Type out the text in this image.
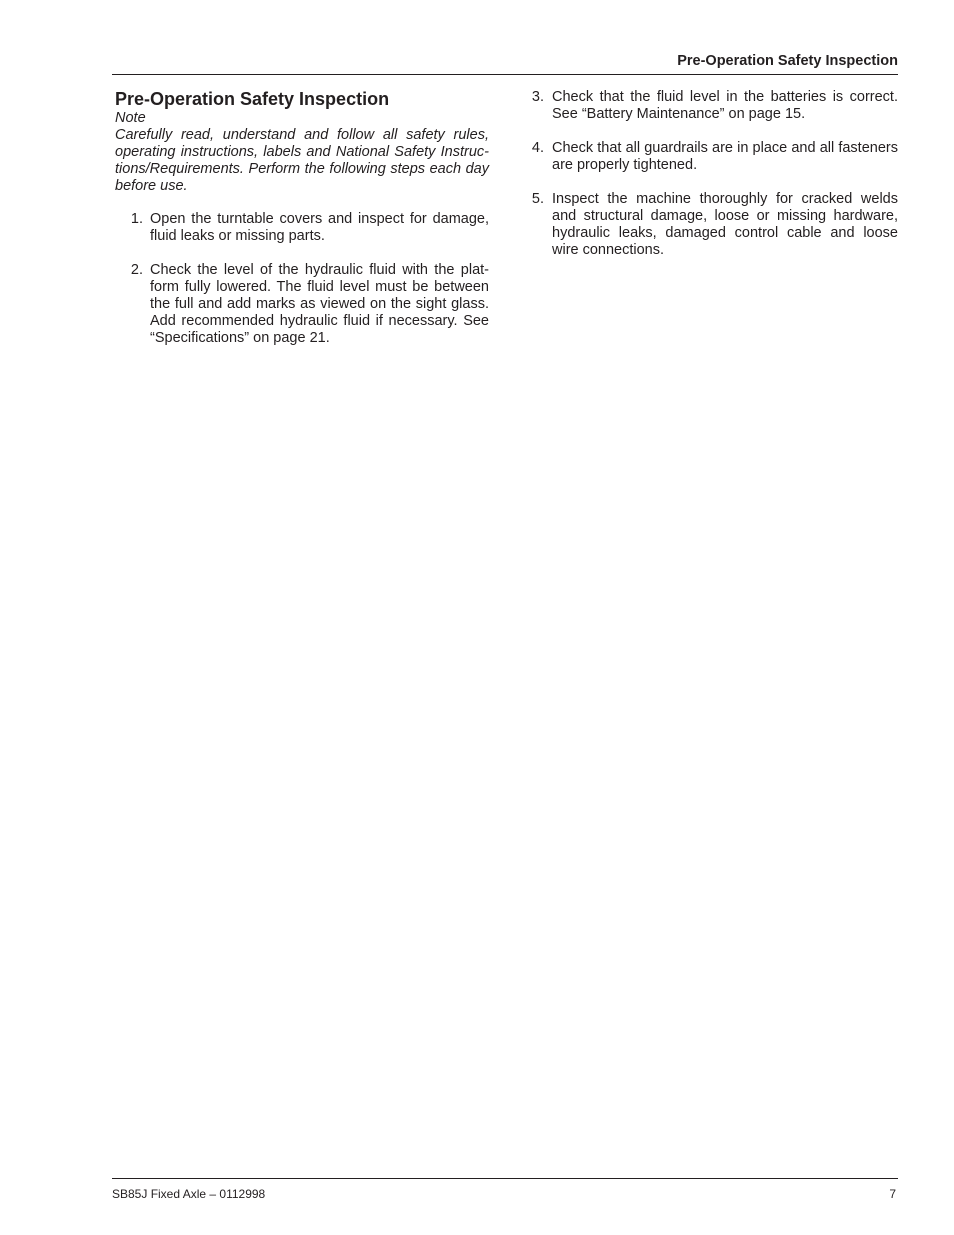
Pre-Operation Safety Inspection
Pre-Operation Safety Inspection

Note

Carefully read, understand and follow all safety rules, operating instructions, labels and National Safety Instruc-tions/Requirements. Perform the following steps each day before use.

1. Open the turntable covers and inspect for damage, fluid leaks or missing parts.
2. Check the level of the hydraulic fluid with the plat-form fully lowered. The fluid level must be between the full and add marks as viewed on the sight glass. Add recommended hydraulic fluid if necessary. See “Specifications” on page 21.
3. Check that the fluid level in the batteries is correct. See “Battery Maintenance” on page 15.
4. Check that all guardrails are in place and all fasteners are properly tightened.
5. Inspect the machine thoroughly for cracked welds and structural damage, loose or missing hardware, hydraulic leaks, damaged control cable and loose wire connections.
SB85J Fixed Axle – 0112998	7
